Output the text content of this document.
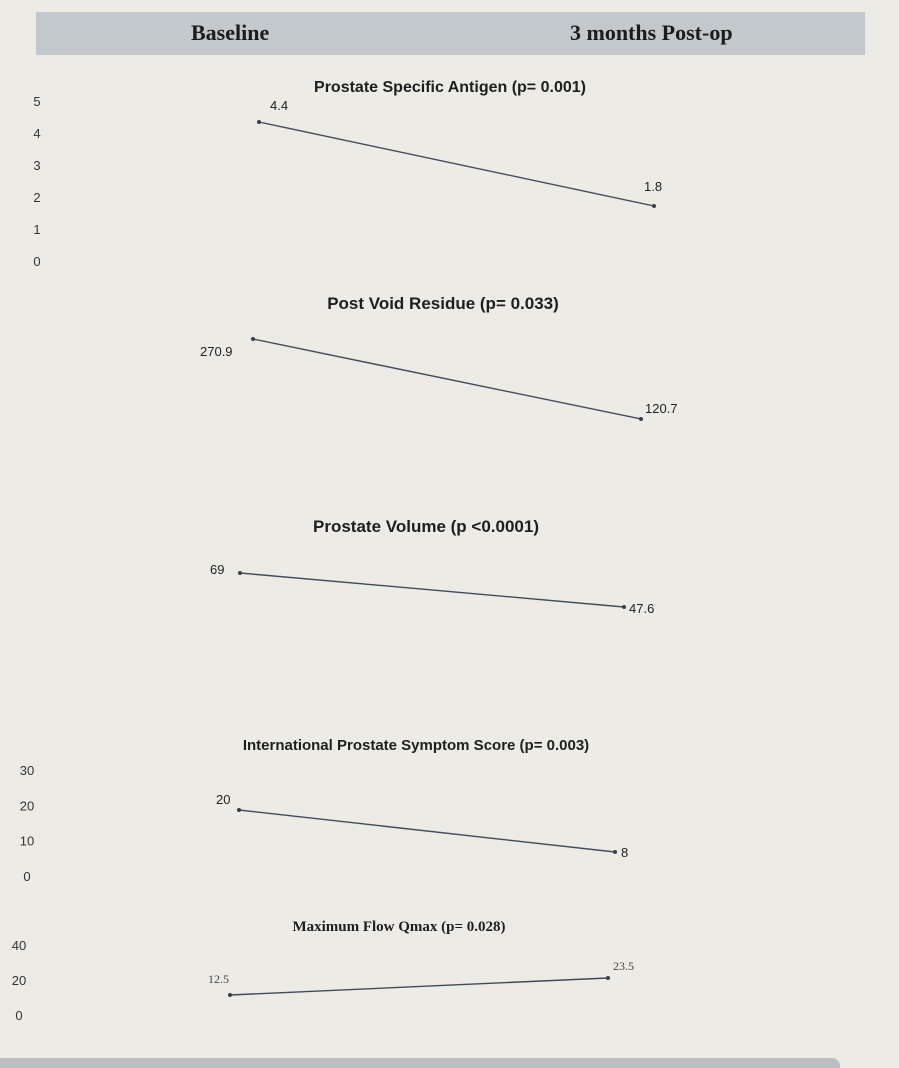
Baseline	3 months Post-op
Prostate Specific Antigen (p= 0.001)
5
4
3
2
1
0
4.4
1.8
Post Void Residue (p= 0.033)
270.9
120.7
Prostate Volume (p <0.0001)
69
47.6
International Prostate Symptom Score (p= 0.003)
30
20
10
0
20
8
Maximum Flow Qmax (p= 0.028)
40
20
0
12.5
23.5
